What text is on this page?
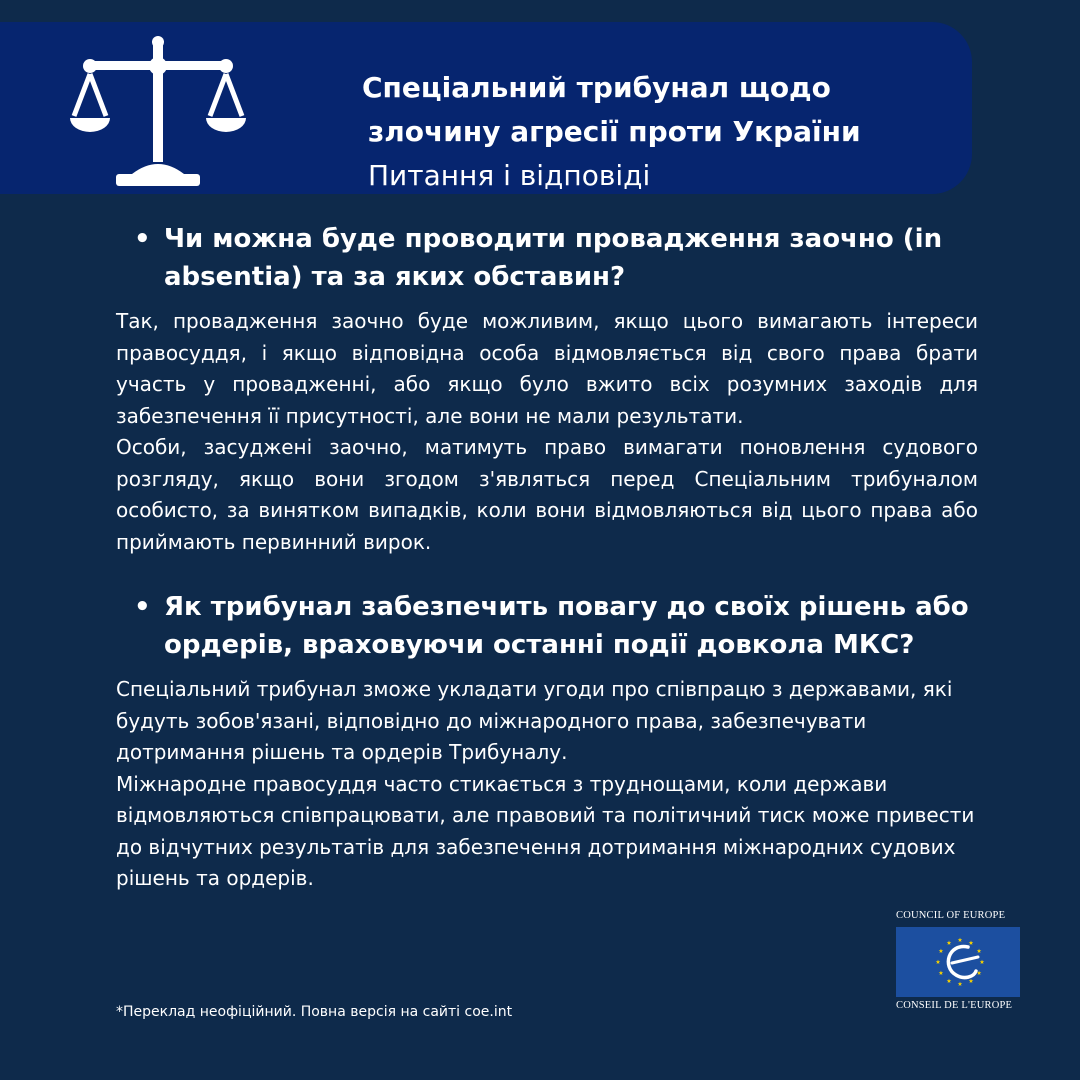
Спеціальний трибунал щодо
злочину агресії проти України
Питання і відповіді
• Чи можна буде проводити провадження заочно (in absentia) та за яких обставин?

Так, провадження заочно буде можливим, якщо цього вимагають інтереси правосуддя, і якщо відповідна особа відмовляється від свого права брати участь у провадженні, або якщо було вжито всіх розумних заходів для забезпечення її присутності, але вони не мали результати.

Особи, засуджені заочно, матимуть право вимагати поновлення судового розгляду, якщо вони згодом з'являться перед Спеціальним трибуналом особисто, за винятком випадків, коли вони відмовляються від цього права або приймають первинний вирок.

• Як трибунал забезпечить повагу до своїх рішень або ордерів, враховуючи останні події довкола МКС?

Спеціальний трибунал зможе укладати угоди про співпрацю з державами, які будуть зобов'язані, відповідно до міжнародного права, забезпечувати дотримання рішень та ордерів Трибуналу.

Міжнародне правосуддя часто стикається з труднощами, коли держави відмовляються співпрацювати, але правовий та політичний тиск може привести до відчутних результатів для забезпечення дотримання міжнародних судових рішень та ордерів.

*Переклад неофіційний. Повна версія на сайті coe.int
COUNCIL OF EUROPE
CONSEIL DE L'EUROPE
